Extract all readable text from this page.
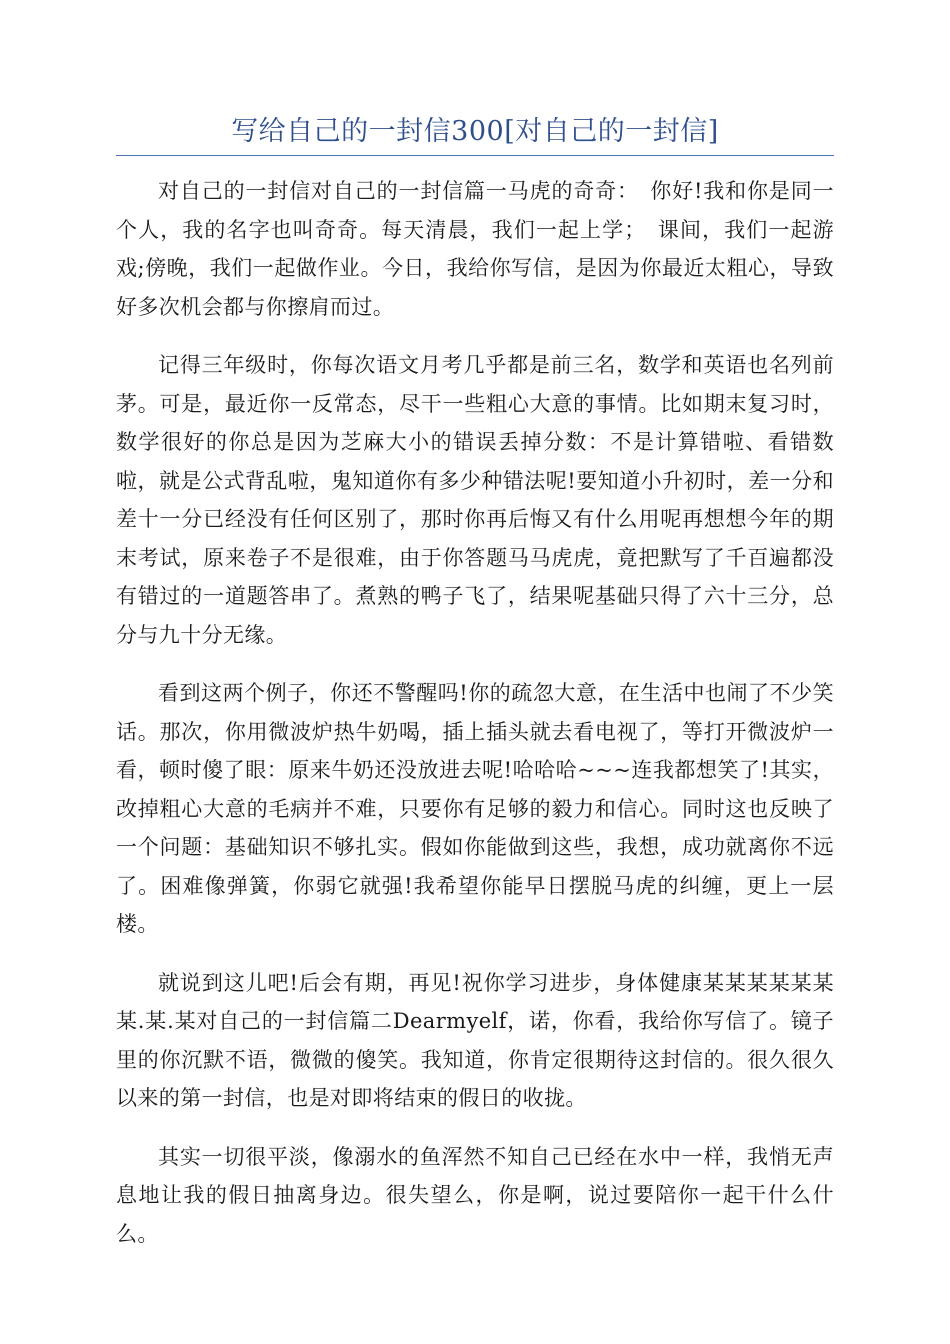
写给自己的一封信300[对自己的一封信]

对自己的一封信对自己的一封信篇一马虎的奇奇：　你好!我和你是同一个人，我的名字也叫奇奇。每天清晨，我们一起上学；　课间，我们一起游戏;傍晚，我们一起做作业。今日，我给你写信，是因为你最近太粗心，导致好多次机会都与你擦肩而过。

记得三年级时，你每次语文月考几乎都是前三名，数学和英语也名列前茅。可是，最近你一反常态，尽干一些粗心大意的事情。比如期末复习时，数学很好的你总是因为芝麻大小的错误丢掉分数：不是计算错啦、看错数啦，就是公式背乱啦，鬼知道你有多少种错法呢!要知道小升初时，差一分和差十一分已经没有任何区别了，那时你再后悔又有什么用呢再想想今年的期末考试，原来卷子不是很难，由于你答题马马虎虎，竟把默写了千百遍都没有错过的一道题答串了。煮熟的鸭子飞了，结果呢基础只得了六十三分，总分与九十分无缘。

看到这两个例子，你还不警醒吗!你的疏忽大意，在生活中也闹了不少笑话。那次，你用微波炉热牛奶喝，插上插头就去看电视了，等打开微波炉一看，顿时傻了眼：原来牛奶还没放进去呢!哈哈哈~~~连我都想笑了!其实，改掉粗心大意的毛病并不难，只要你有足够的毅力和信心。同时这也反映了一个问题：基础知识不够扎实。假如你能做到这些，我想，成功就离你不远了。困难像弹簧，你弱它就强!我希望你能早日摆脱马虎的纠缠，更上一层楼。

就说到这儿吧!后会有期，再见!祝你学习进步，身体健康某某某某某某某.某.某对自己的一封信篇二Dearmyelf，诺，你看，我给你写信了。镜子里的你沉默不语，微微的傻笑。我知道，你肯定很期待这封信的。很久很久以来的第一封信，也是对即将结束的假日的收拢。

其实一切很平淡，像溺水的鱼浑然不知自己已经在水中一样，我悄无声息地让我的假日抽离身边。很失望么，你是啊，说过要陪你一起干什么什么。
